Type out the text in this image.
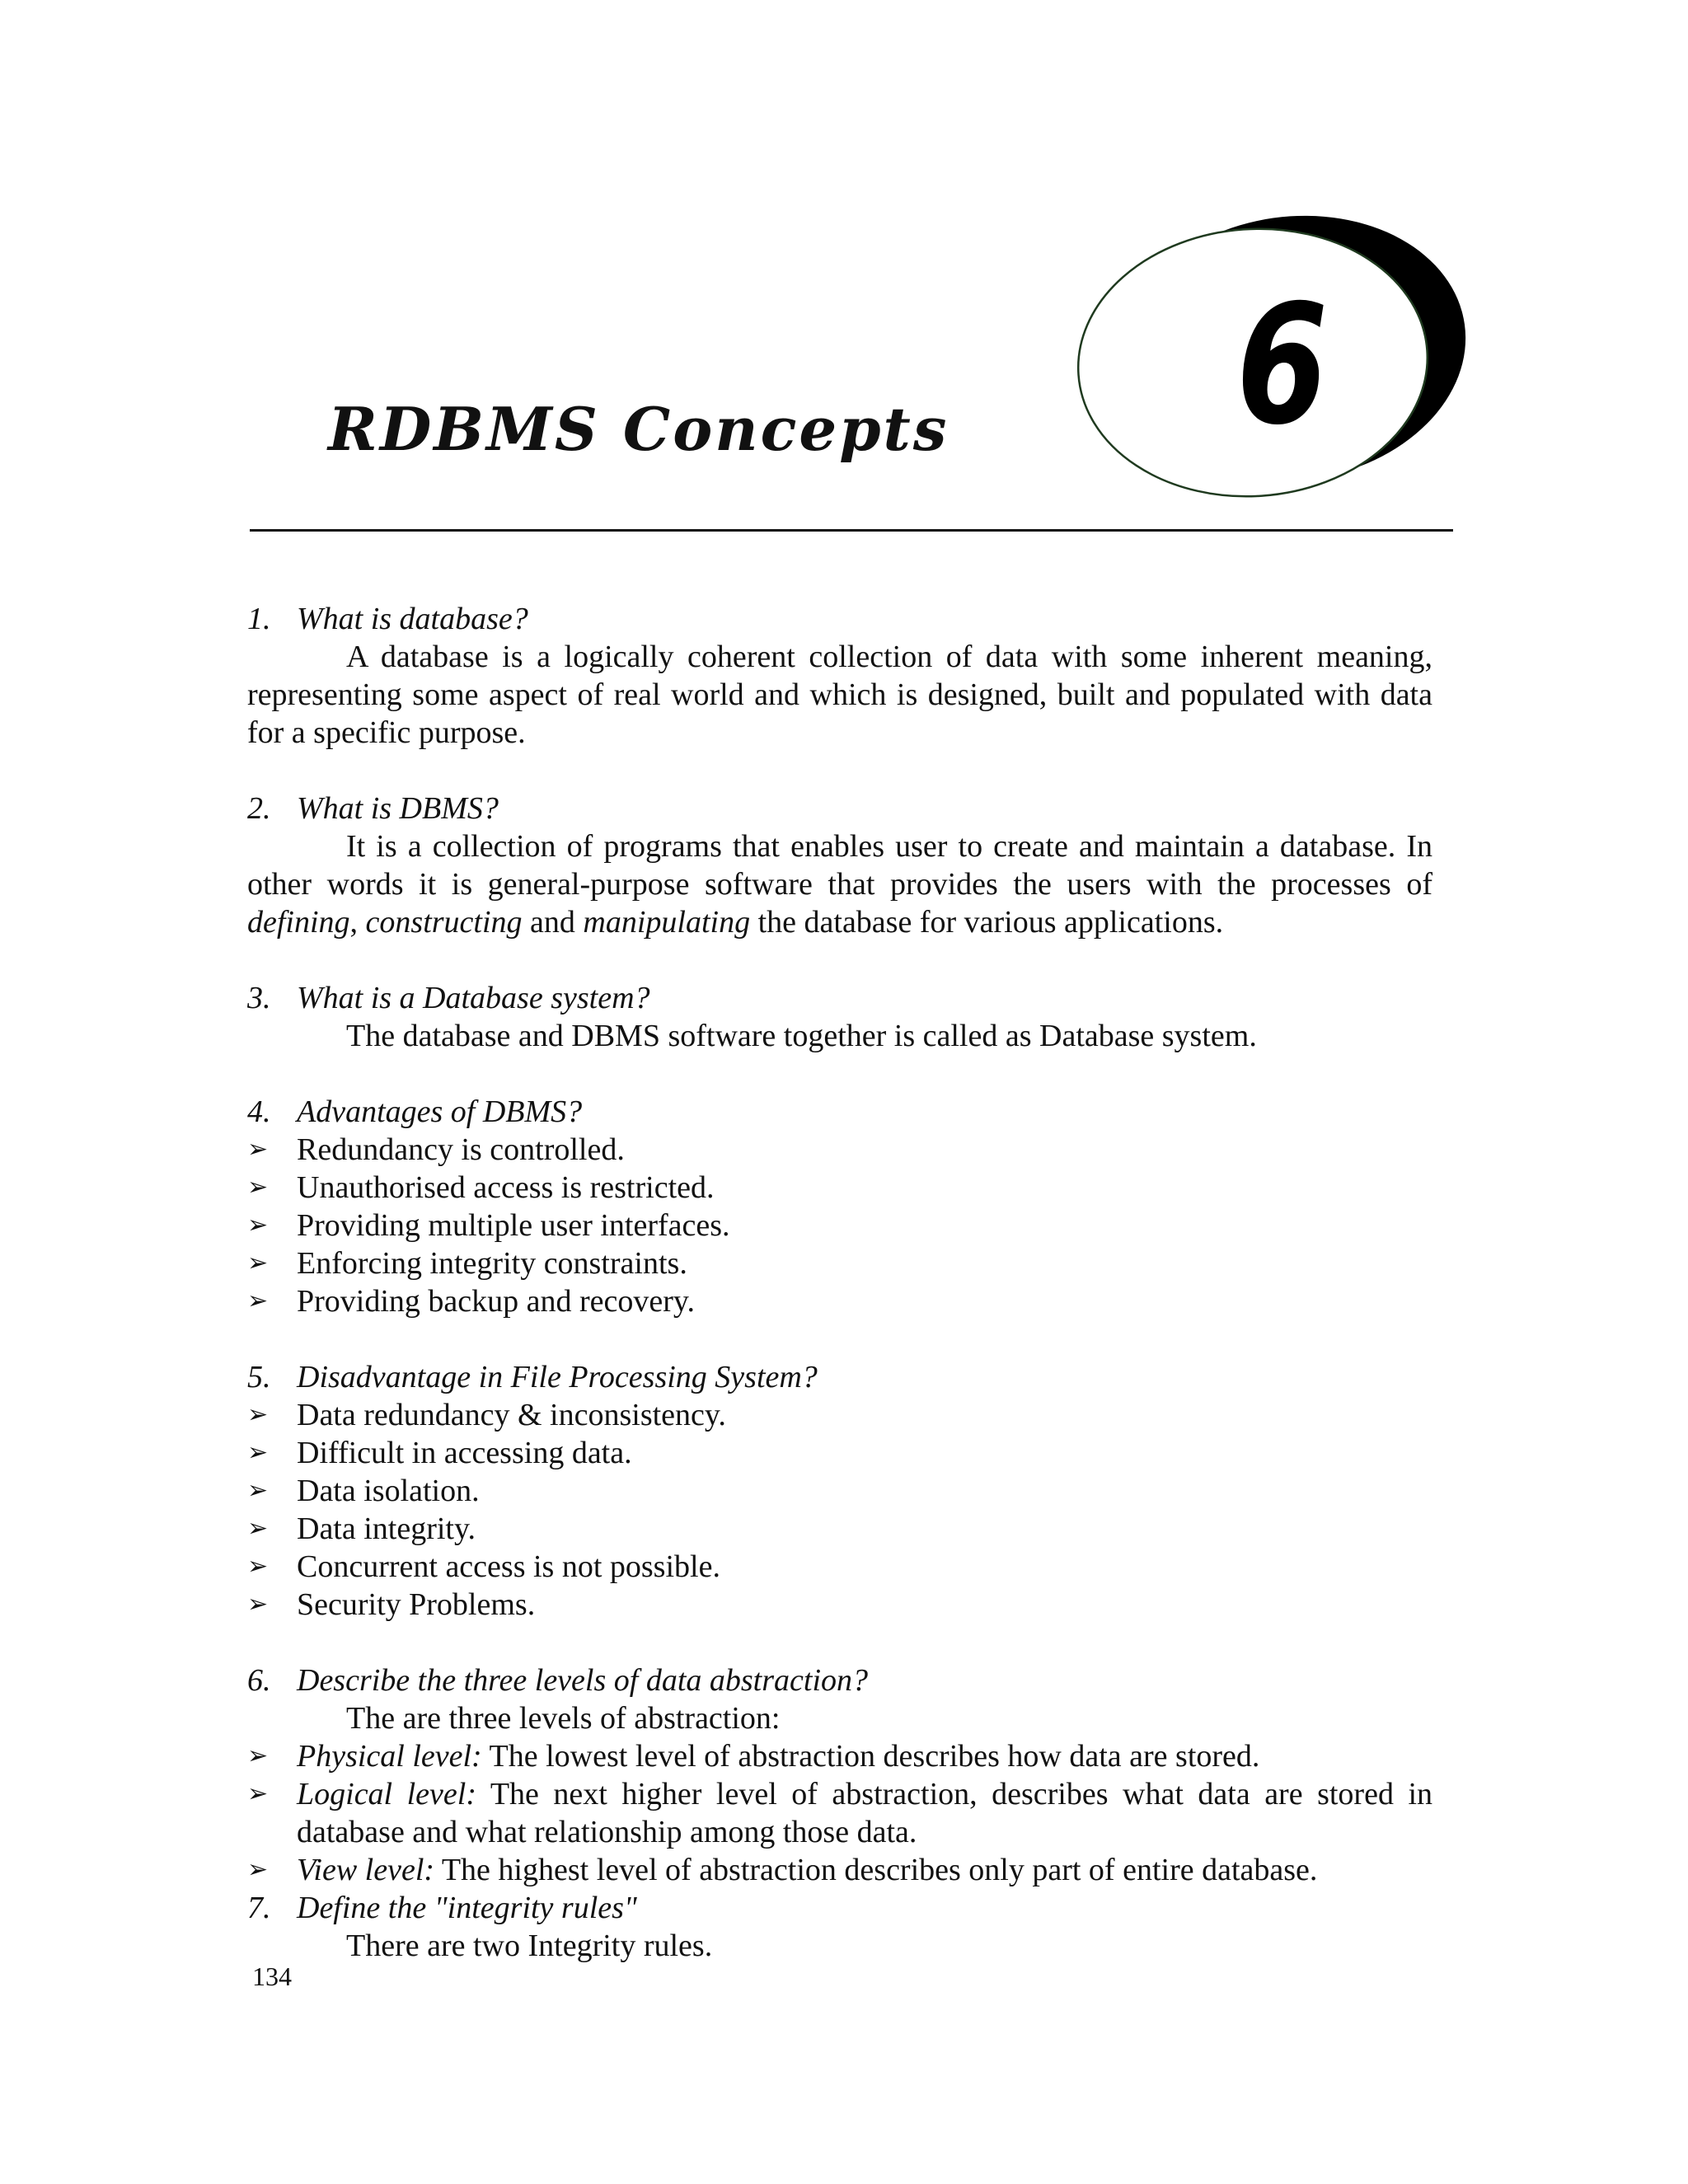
RDBMS Concepts 6
1. What is database?

A database is a logically coherent collection of data with some inherent meaning, representing some aspect of real world and which is designed, built and populated with data for a specific purpose.

2. What is DBMS?

It is a collection of programs that enables user to create and maintain a database. In other words it is general-purpose software that provides the users with the processes of defining, constructing and manipulating the database for various applications.

3. What is a Database system?

The database and DBMS software together is called as Database system.

4. Advantages of DBMS?
➢ Redundancy is controlled.
➢ Unauthorised access is restricted.
➢ Providing multiple user interfaces.
➢ Enforcing integrity constraints.
➢ Providing backup and recovery.
5. Disadvantage in File Processing System?
➢ Data redundancy & inconsistency.
➢ Difficult in accessing data.
➢ Data isolation.
➢ Data integrity.
➢ Concurrent access is not possible.
➢ Security Problems.
6. Describe the three levels of data abstraction?
The are three levels of abstraction:
➢ Physical level: The lowest level of abstraction describes how data are stored.
➢ Logical level: The next higher level of abstraction, describes what data are stored in database and what relationship among those data.
➢ View level: The highest level of abstraction describes only part of entire database.
7. Define the "integrity rules"
There are two Integrity rules.
134
